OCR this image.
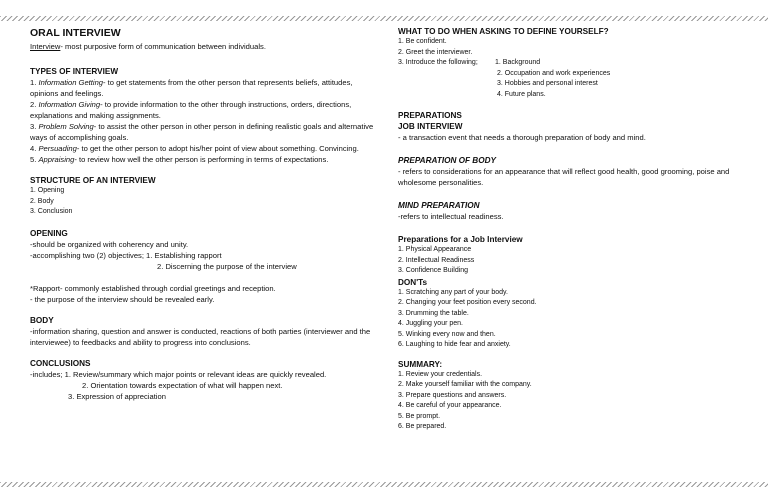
ORAL INTERVIEW
Interview- most purposive form of communication between individuals.
TYPES OF INTERVIEW
1. Information Getting- to get statements from the other person that represents beliefs, attitudes, opinions and feelings.
2. Information Giving- to provide information to the other through instructions, orders, directions, explanations and making assignments.
3. Problem Solving- to assist the other person in other person in defining realistic goals and alternative ways of accomplishing goals.
4. Persuading- to get the other person to adopt his/her point of view about something. Convincing.
5. Appraising- to review how well the other person is performing in terms of expectations.
STRUCTURE OF AN INTERVIEW
1. Opening
2. Body
3. Conclusion
OPENING
-should be organized with coherency and unity.
-accomplishing two (2) objectives; 1. Establishing rapport
2. Discerning the purpose of the interview
*Rapport- commonly established through cordial greetings and reception.
- the purpose of the interview should be revealed early.
BODY
-information sharing, question and answer is conducted, reactions of both parties (interviewer and the interviewee) to feedbacks and ability to progress into conclusions.
CONCLUSIONS
-includes; 1. Review/summary which major points or relevant ideas are quickly revealed.
2. Orientation towards expectation of what will happen next.
3. Expression of appreciation
WHAT TO DO WHEN ASKING TO DEFINE YOURSELF?
1. Be confident.
2. Greet the interviewer.
3. Introduce the following;	1. Background
2. Occupation and work experiences
3. Hobbies and personal interest
4. Future plans.
PREPARATIONS
JOB INTERVIEW
- a transaction event that needs a thorough preparation of body and mind.
PREPARATION OF BODY
- refers to considerations for an appearance that will reflect good health, good grooming, poise and wholesome personalities.
MIND PREPARATION
-refers to intellectual readiness.
Preparations for a Job Interview
1. Physical Appearance
2. Intellectual Readiness
3. Confidence Building
DON'Ts
1. Scratching any part of your body.
2. Changing your feet position every second.
3. Drumming the table.
4. Juggling your pen.
5. Winking every now and then.
6. Laughing to hide fear and anxiety.
SUMMARY:
1. Review your credentials.
2. Make yourself familiar with the company.
3. Prepare questions and answers.
4. Be careful of your appearance.
5. Be prompt.
6. Be prepared.
